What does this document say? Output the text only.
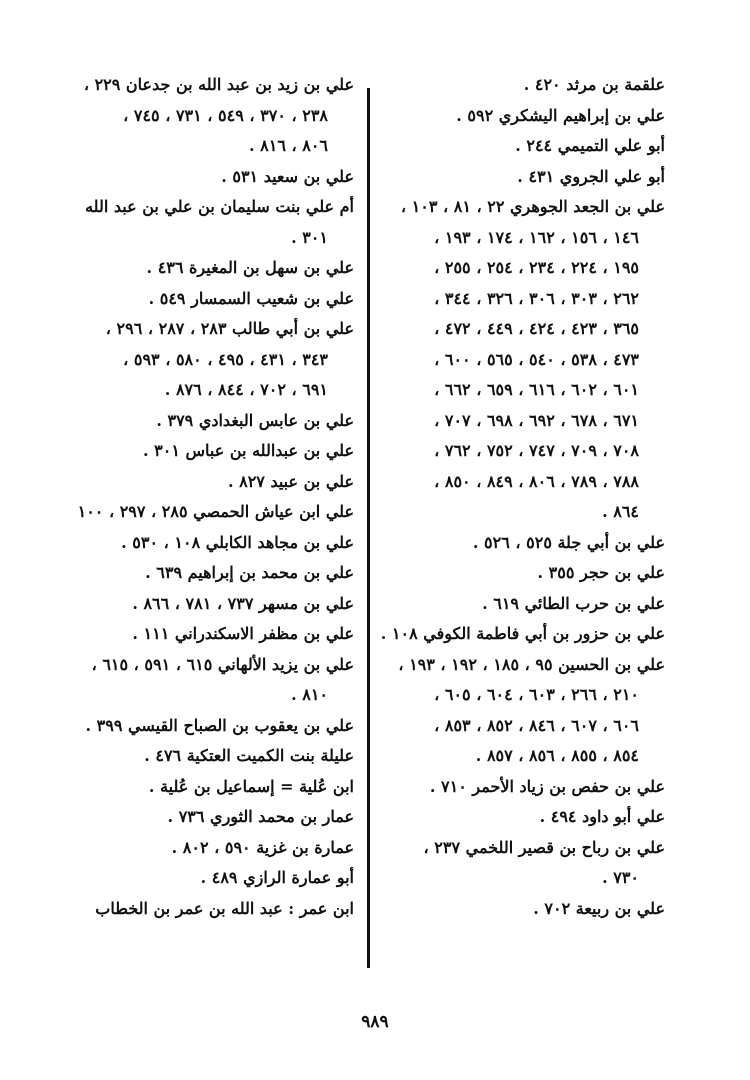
علقمة بن مرثد ٤٢٠ .
علي بن إبراهيم اليشكري ٥٩٢ .
أبو علي التميمي ٢٤٤ .
أبو علي الجروي ٤٣١ .
علي بن الجعد الجوهري ٢٢ ، ٨١ ، ١٠٣ ،
١٤٦ ، ١٥٦ ، ١٦٢ ، ١٧٤ ، ١٩٣ ،
١٩٥ ، ٢٢٤ ، ٢٣٤ ، ٢٥٤ ، ٢٥٥ ،
٢٦٢ ، ٣٠٣ ، ٣٠٦ ، ٣٢٦ ، ٣٤٤ ،
٣٦٥ ، ٤٢٣ ، ٤٢٤ ، ٤٤٩ ، ٤٧٢ ،
٤٧٣ ، ٥٣٨ ، ٥٤٠ ، ٥٦٥ ، ٦٠٠ ،
٦٠١ ، ٦٠٢ ، ٦١٦ ، ٦٥٩ ، ٦٦٢ ،
٦٧١ ، ٦٧٨ ، ٦٩٢ ، ٦٩٨ ، ٧٠٧ ،
٧٠٨ ، ٧٠٩ ، ٧٤٧ ، ٧٥٢ ، ٧٦٢ ،
٧٨٨ ، ٧٨٩ ، ٨٠٦ ، ٨٤٩ ، ٨٥٠ ،
٨٦٤ .
علي بن أبي جلة ٥٢٥ ، ٥٢٦ .
علي بن حجر ٣٥٥ .
علي بن حرب الطائي ٦١٩ .
علي بن حزور بن أبي فاطمة الكوفي ١٠٨ .
علي بن الحسين ٩٥ ، ١٨٥ ، ١٩٢ ، ١٩٣ ،
٢١٠ ، ٢٦٦ ، ٦٠٣ ، ٦٠٤ ، ٦٠٥ ،
٦٠٦ ، ٦٠٧ ، ٨٤٦ ، ٨٥٢ ، ٨٥٣ ،
٨٥٤ ، ٨٥٥ ، ٨٥٦ ، ٨٥٧ .
علي بن حفص بن زياد الأحمر ٧١٠ .
علي أبو داود ٤٩٤ .
علي بن رباح بن قصير اللخمي ٢٣٧ ،
٧٣٠ .
علي بن ربيعة ٧٠٢ .
علي بن زيد بن عبد الله بن جدعان ٢٢٩ ،
٢٣٨ ، ٣٧٠ ، ٥٤٩ ، ٧٣١ ، ٧٤٥ ،
٨٠٦ ، ٨١٦ .
علي بن سعيد ٥٣١ .
أم علي بنت سليمان بن علي بن عبد الله
٣٠١ .
علي بن سهل بن المغيرة ٤٣٦ .
علي بن شعيب السمسار ٥٤٩ .
علي بن أبي طالب ٢٨٣ ، ٢٨٧ ، ٢٩٦ ،
٣٤٣ ، ٤٣١ ، ٤٩٥ ، ٥٨٠ ، ٥٩٣ ،
٦٩١ ، ٧٠٢ ، ٨٤٤ ، ٨٧٦ .
علي بن عابس البغدادي ٣٧٩ .
علي بن عبدالله بن عباس ٣٠١ .
علي بن عبيد ٨٢٧ .
علي ابن عياش الحمصي ٢٨٥ ، ٢٩٧ ، ١٠٠
علي بن مجاهد الكابلي ١٠٨ ، ٥٣٠ .
علي بن محمد بن إبراهيم ٦٣٩ .
علي بن مسهر ٧٣٧ ، ٧٨١ ، ٨٦٦ .
علي بن مظفر الاسكندراني ١١١ .
علي بن يزيد الألهاني ٦١٥ ، ٥٩١ ، ٦١٥ ،
٨١٠ .
علي بن يعقوب بن الصباح القيسي ٣٩٩ .
عليلة بنت الكميت العتكية ٤٧٦ .
ابن عُلية = إسماعيل بن عُلية .
عمار بن محمد الثوري ٧٣٦ .
عمارة بن غزية ٥٩٠ ، ٨٠٢ .
أبو عمارة الرازي ٤٨٩ .
ابن عمر : عبد الله بن عمر بن الخطاب
٩٨٩
